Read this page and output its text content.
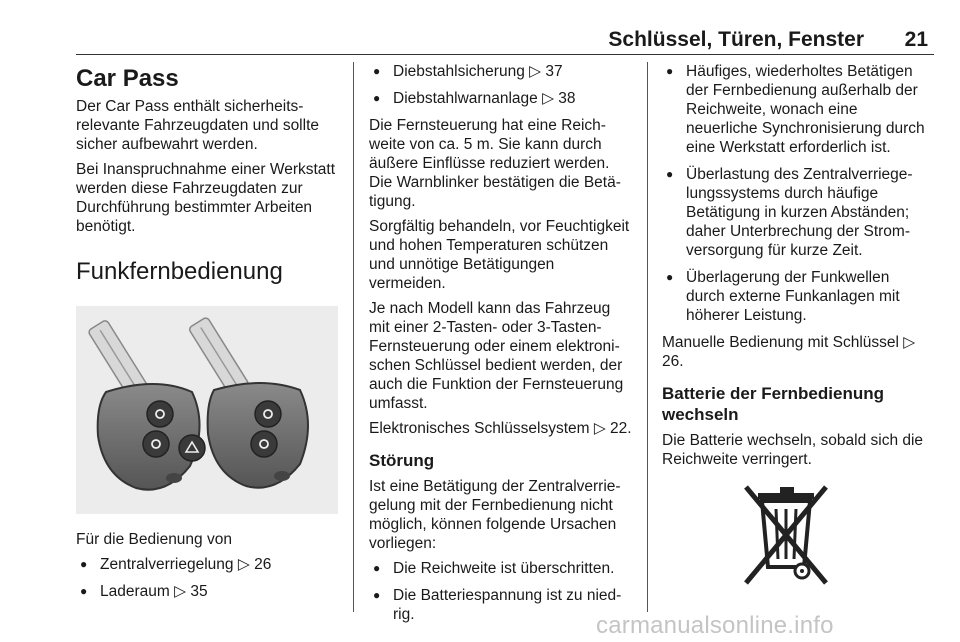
Schlüssel, Türen, Fenster 21
Car Pass

Der Car Pass enthält sicherheitsrelevante Fahrzeugdaten und sollte sicher aufbewahrt werden.

Bei Inanspruchnahme einer Werkstatt werden diese Fahrzeugdaten zur Durchführung bestimmter Arbeiten benötigt.

Funkfernbedienung

Für die Bedienung von

● Zentralverriegelung ▷ 26
● Laderaum ▷ 35
● Diebstahlsicherung ▷ 37
● Diebstahlwarnanlage ▷ 38

Die Fernsteuerung hat eine Reichweite von ca. 5 m. Sie kann durch äußere Einflüsse reduziert werden. Die Warnblinker bestätigen die Betätigung.

Sorgfältig behandeln, vor Feuchtigkeit und hohen Temperaturen schützen und unnötige Betätigungen vermeiden.

Je nach Modell kann das Fahrzeug mit einer 2-Tasten- oder 3-Tasten-Fernsteuerung oder einem elektronischen Schlüssel bedient werden, der auch die Funktion der Fernsteuerung umfasst.

Elektronisches Schlüsselsystem ▷ 22.

Störung

Ist eine Betätigung der Zentralverriegelung mit der Fernbedienung nicht möglich, können folgende Ursachen vorliegen:

● Die Reichweite ist überschritten.
● Die Batteriespannung ist zu niedrig.
● Häufiges, wiederholtes Betätigen der Fernbedienung außerhalb der Reichweite, wonach eine neuerliche Synchronisierung durch eine Werkstatt erforderlich ist.
● Überlastung des Zentralverriegelungssystems durch häufige Betätigung in kurzen Abständen; daher Unterbrechung der Stromversorgung für kurze Zeit.
● Überlagerung der Funkwellen durch externe Funkanlagen mit höherer Leistung.

Manuelle Bedienung mit Schlüssel ▷ 26.

Batterie der Fernbedienung wechseln

Die Batterie wechseln, sobald sich die Reichweite verringert.

carmanualsonline.info
